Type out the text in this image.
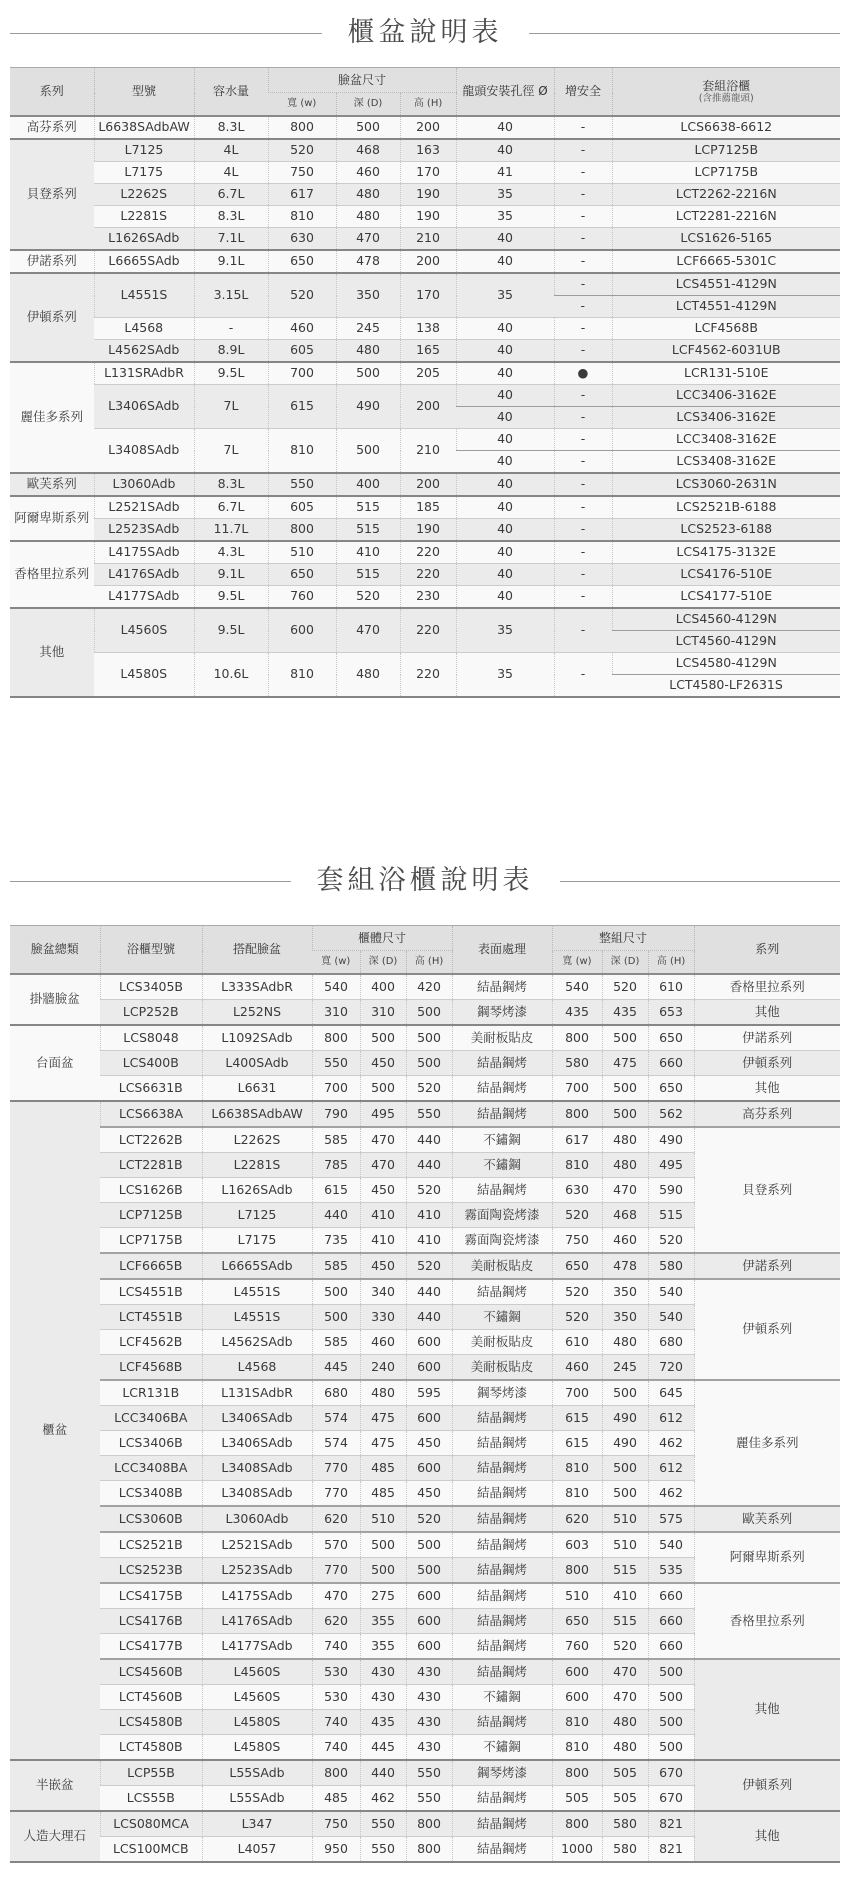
櫃盆說明表
系列	型號	容水量	臉盆尺寸			龍頭安裝孔徑 Ø	增安全	套組浴櫃
(含推薦龍頭)

			寬 (w)	深 (D)	高 (H)			
高芬系列	L6638SAdbAW	8.3L	800	500	200	40	-	LCS6638-6612
貝登系列	L7125	4L	520	468	163	40	-	LCP7125B
	L7175	4L	750	460	170	41	-	LCP7175B
	L2262S	6.7L	617	480	190	35	-	LCT2262-2216N
	L2281S	8.3L	810	480	190	35	-	LCT2281-2216N
	L1626SAdb	7.1L	630	470	210	40	-	LCS1626-5165
伊諾系列	L6665SAdb	9.1L	650	478	200	40	-	LCF6665-5301C
伊頓系列	L4551S	3.15L	520	350	170	35	-	LCS4551-4129N
							-	LCT4551-4129N
	L4568	-	460	245	138	40	-	LCF4568B
	L4562SAdb	8.9L	605	480	165	40	-	LCF4562-6031UB
麗佳多系列	L131SRAdbR	9.5L	700	500	205	40	●	LCR131-510E
	L3406SAdb	7L	615	490	200	40	-	LCC3406-3162E
						40	-	LCS3406-3162E
	L3408SAdb	7L	810	500	210	40	-	LCC3408-3162E
						40	-	LCS3408-3162E
歐芙系列	L3060Adb	8.3L	550	400	200	40	-	LCS3060-2631N
阿爾卑斯系列	L2521SAdb	6.7L	605	515	185	40	-	LCS2521B-6188
	L2523SAdb	11.7L	800	515	190	40	-	LCS2523-6188
香格里拉系列	L4175SAdb	4.3L	510	410	220	40	-	LCS4175-3132E
	L4176SAdb	9.1L	650	515	220	40	-	LCS4176-510E
	L4177SAdb	9.5L	760	520	230	40	-	LCS4177-510E
其他	L4560S	9.5L	600	470	220	35	-	LCS4560-4129N
								LCT4560-4129N
	L4580S	10.6L	810	480	220	35	-	LCS4580-4129N
								LCT4580-LF2631S
套組浴櫃說明表
臉盆總類	浴櫃型號	搭配臉盆	櫃體尺寸			表面處理	整組尺寸			系列
			寬 (w)	深 (D)	高 (H)		寬 (w)	深 (D)	高 (H)	
掛牆臉盆	LCS3405B	L333SAdbR	540	400	420	結晶鋼烤	540	520	610	香格里拉系列
	LCP252B	L252NS	310	310	500	鋼琴烤漆	435	435	653	其他
台面盆	LCS8048	L1092SAdb	800	500	500	美耐板貼皮	800	500	650	伊諾系列
	LCS400B	L400SAdb	550	450	500	結晶鋼烤	580	475	660	伊頓系列
	LCS6631B	L6631	700	500	520	結晶鋼烤	700	500	650	其他
櫃盆	LCS6638A	L6638SAdbAW	790	495	550	結晶鋼烤	800	500	562	高芬系列
	LCT2262B	L2262S	585	470	440	不鏽鋼	617	480	490	貝登系列
	LCT2281B	L2281S	785	470	440	不鏽鋼	810	480	495	
	LCS1626B	L1626SAdb	615	450	520	結晶鋼烤	630	470	590	
	LCP7125B	L7125	440	410	410	霧面陶瓷烤漆	520	468	515	
	LCP7175B	L7175	735	410	410	霧面陶瓷烤漆	750	460	520	
	LCF6665B	L6665SAdb	585	450	520	美耐板貼皮	650	478	580	伊諾系列
	LCS4551B	L4551S	500	340	440	結晶鋼烤	520	350	540	伊頓系列
	LCT4551B	L4551S	500	330	440	不鏽鋼	520	350	540	
	LCF4562B	L4562SAdb	585	460	600	美耐板貼皮	610	480	680	
	LCF4568B	L4568	445	240	600	美耐板貼皮	460	245	720	
	LCR131B	L131SAdbR	680	480	595	鋼琴烤漆	700	500	645	麗佳多系列
	LCC3406BA	L3406SAdb	574	475	600	結晶鋼烤	615	490	612	
	LCS3406B	L3406SAdb	574	475	450	結晶鋼烤	615	490	462	
	LCC3408BA	L3408SAdb	770	485	600	結晶鋼烤	810	500	612	
	LCS3408B	L3408SAdb	770	485	450	結晶鋼烤	810	500	462	
	LCS3060B	L3060Adb	620	510	520	結晶鋼烤	620	510	575	歐芙系列
	LCS2521B	L2521SAdb	570	500	500	結晶鋼烤	603	510	540	阿爾卑斯系列
	LCS2523B	L2523SAdb	770	500	500	結晶鋼烤	800	515	535	
	LCS4175B	L4175SAdb	470	275	600	結晶鋼烤	510	410	660	香格里拉系列
	LCS4176B	L4176SAdb	620	355	600	結晶鋼烤	650	515	660	
	LCS4177B	L4177SAdb	740	355	600	結晶鋼烤	760	520	660	
	LCS4560B	L4560S	530	430	430	結晶鋼烤	600	470	500	其他
	LCT4560B	L4560S	530	430	430	不鏽鋼	600	470	500	
	LCS4580B	L4580S	740	435	430	結晶鋼烤	810	480	500	
	LCT4580B	L4580S	740	445	430	不鏽鋼	810	480	500	
半嵌盆	LCP55B	L55SAdb	800	440	550	鋼琴烤漆	800	505	670	伊頓系列
	LCS55B	L55SAdb	485	462	550	結晶鋼烤	505	505	670	
人造大理石	LCS080MCA	L347	750	550	800	結晶鋼烤	800	580	821	其他
	LCS100MCB	L4057	950	550	800	結晶鋼烤	1000	580	821	
